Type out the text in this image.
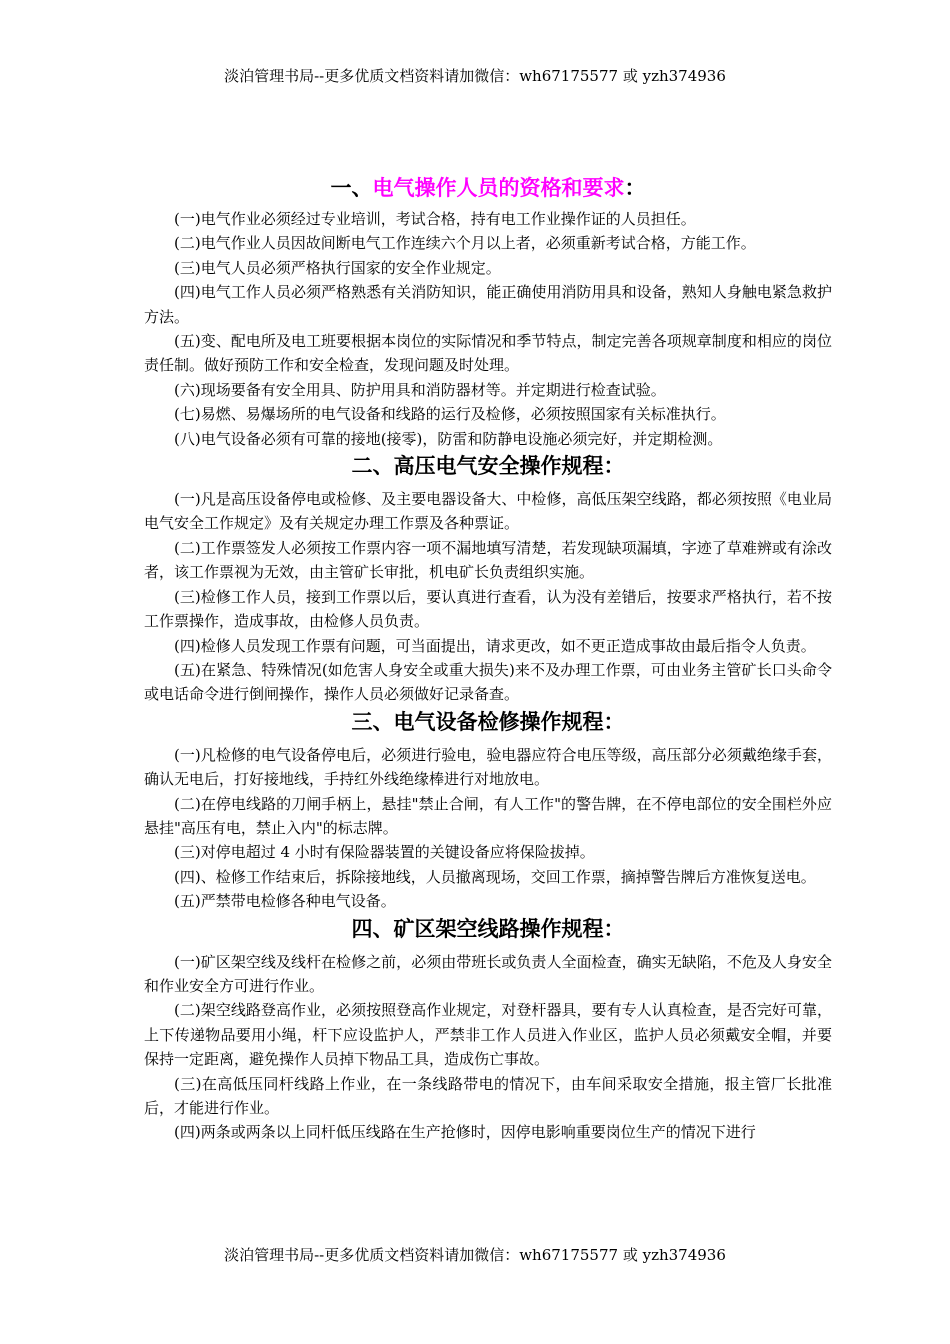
淡泊管理书局--更多优质文档资料请加微信：wh67175577 或 yzh374936
一、电气操作人员的资格和要求：

(一)电气作业必须经过专业培训，考试合格，持有电工作业操作证的人员担任。

(二)电气作业人员因故间断电气工作连续六个月以上者，必须重新考试合格，方能工作。

(三)电气人员必须严格执行国家的安全作业规定。

(四)电气工作人员必须严格熟悉有关消防知识，能正确使用消防用具和设备，熟知人身触电紧急救护方法。

(五)变、配电所及电工班要根据本岗位的实际情况和季节特点，制定完善各项规章制度和相应的岗位责任制。做好预防工作和安全检查，发现问题及时处理。

(六)现场要备有安全用具、防护用具和消防器材等。并定期进行检查试验。

(七)易燃、易爆场所的电气设备和线路的运行及检修，必须按照国家有关标准执行。

(八)电气设备必须有可靠的接地(接零)，防雷和防静电设施必须完好，并定期检测。

二、高压电气安全操作规程：

(一)凡是高压设备停电或检修、及主要电器设备大、中检修，高低压架空线路，都必须按照《电业局电气安全工作规定》及有关规定办理工作票及各种票证。

(二)工作票签发人必须按工作票内容一项不漏地填写清楚，若发现缺项漏填，字迹了草难辨或有涂改者，该工作票视为无效，由主管矿长审批，机电矿长负责组织实施。

(三)检修工作人员，接到工作票以后，要认真进行查看，认为没有差错后，按要求严格执行，若不按工作票操作，造成事故，由检修人员负责。

(四)检修人员发现工作票有问题，可当面提出，请求更改，如不更正造成事故由最后指令人负责。

(五)在紧急、特殊情况(如危害人身安全或重大损失)来不及办理工作票，可由业务主管矿长口头命令或电话命令进行倒闸操作，操作人员必须做好记录备查。

三、电气设备检修操作规程：

(一)凡检修的电气设备停电后，必须进行验电，验电器应符合电压等级，高压部分必须戴绝缘手套，确认无电后，打好接地线，手持红外线绝缘棒进行对地放电。

(二)在停电线路的刀闸手柄上，悬挂"禁止合闸，有人工作"的警告牌，在不停电部位的安全围栏外应悬挂"高压有电，禁止入内"的标志牌。

(三)对停电超过 4 小时有保险器装置的关键设备应将保险拔掉。

(四)、检修工作结束后，拆除接地线，人员撤离现场，交回工作票，摘掉警告牌后方准恢复送电。

(五)严禁带电检修各种电气设备。

四、矿区架空线路操作规程：

(一)矿区架空线及线杆在检修之前，必须由带班长或负责人全面检查，确实无缺陷，不危及人身安全和作业安全方可进行作业。

(二)架空线路登高作业，必须按照登高作业规定，对登杆器具，要有专人认真检查，是否完好可靠，上下传递物品要用小绳，杆下应设监护人，严禁非工作人员进入作业区，监护人员必须戴安全帽，并要保持一定距离，避免操作人员掉下物品工具，造成伤亡事故。

(三)在高低压同杆线路上作业，在一条线路带电的情况下，由车间采取安全措施，报主管厂长批准后，才能进行作业。

(四)两条或两条以上同杆低压线路在生产抢修时，因停电影响重要岗位生产的情况下进行

淡泊管理书局--更多优质文档资料请加微信：wh67175577 或 yzh374936
